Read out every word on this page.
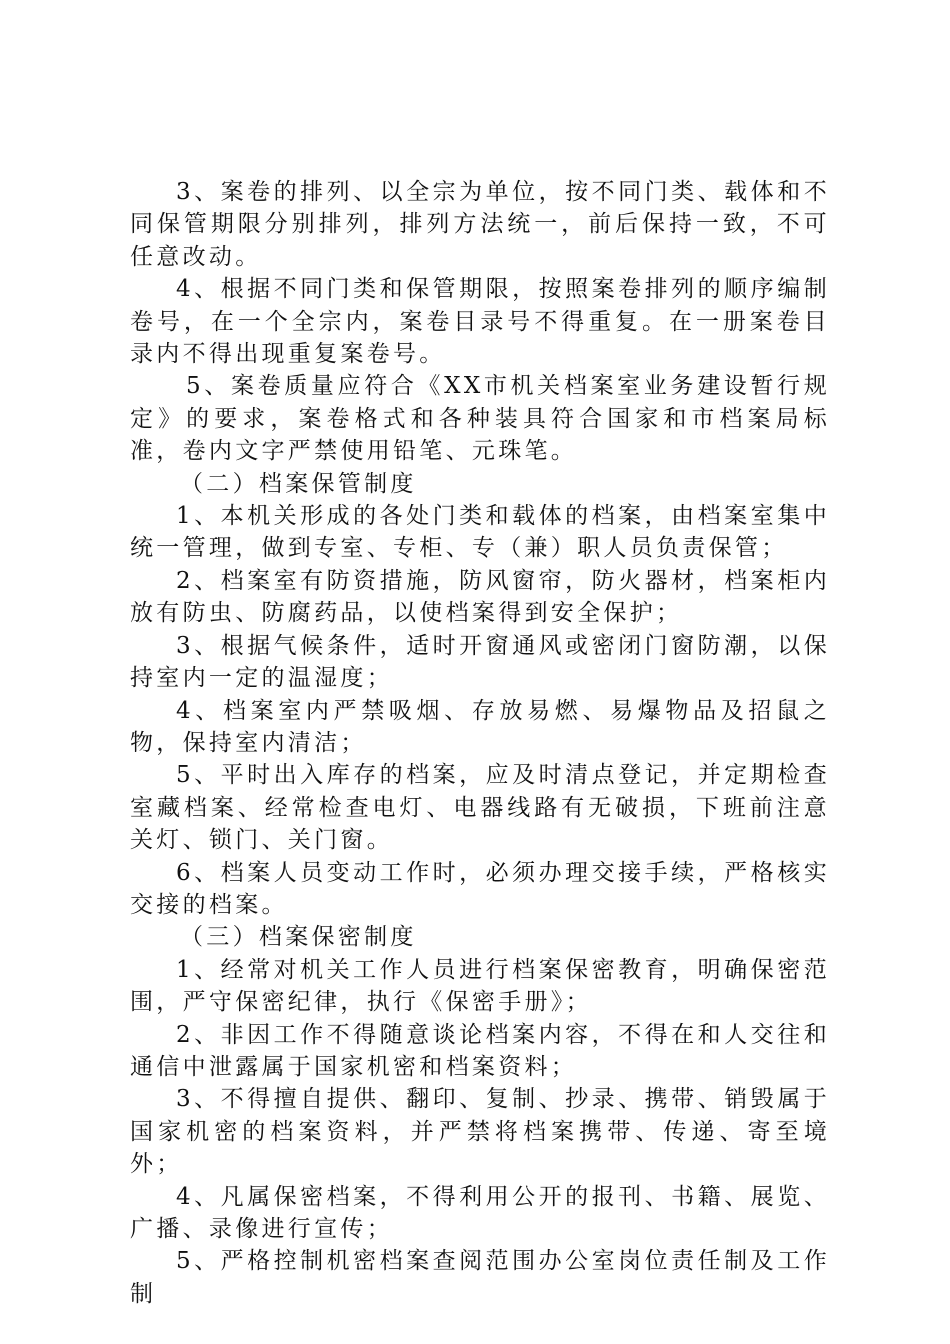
3、案卷的排列、以全宗为单位，按不同门类、载体和不同保管期限分别排列，排列方法统一，前后保持一致，不可任意改动。

4、根据不同门类和保管期限，按照案卷排列的顺序编制卷号，在一个全宗内，案卷目录号不得重复。在一册案卷目录内不得出现重复案卷号。

5、案卷质量应符合《XX市机关档案室业务建设暂行规定》的要求，案卷格式和各种装具符合国家和市档案局标准，卷内文字严禁使用铅笔、元珠笔。

（二）档案保管制度

1、本机关形成的各处门类和载体的档案，由档案室集中统一管理，做到专室、专柜、专（兼）职人员负责保管；

2、档案室有防资措施，防风窗帘，防火器材，档案柜内放有防虫、防腐药品，以使档案得到安全保护；

3、根据气候条件，适时开窗通风或密闭门窗防潮，以保持室内一定的温湿度；

4、档案室内严禁吸烟、存放易燃、易爆物品及招鼠之物，保持室内清洁；

5、平时出入库存的档案，应及时清点登记，并定期检查室藏档案、经常检查电灯、电器线路有无破损，下班前注意关灯、锁门、关门窗。

6、档案人员变动工作时，必须办理交接手续，严格核实交接的档案。

（三）档案保密制度

1、经常对机关工作人员进行档案保密教育，明确保密范围，严守保密纪律，执行《保密手册》；

2、非因工作不得随意谈论档案内容，不得在和人交往和通信中泄露属于国家机密和档案资料；

3、不得擅自提供、翻印、复制、抄录、携带、销毁属于国家机密的档案资料，并严禁将档案携带、传递、寄至境外；

4、凡属保密档案，不得利用公开的报刊、书籍、展览、广播、录像进行宣传；

5、严格控制机密档案查阅范围办公室岗位责任制及工作制
